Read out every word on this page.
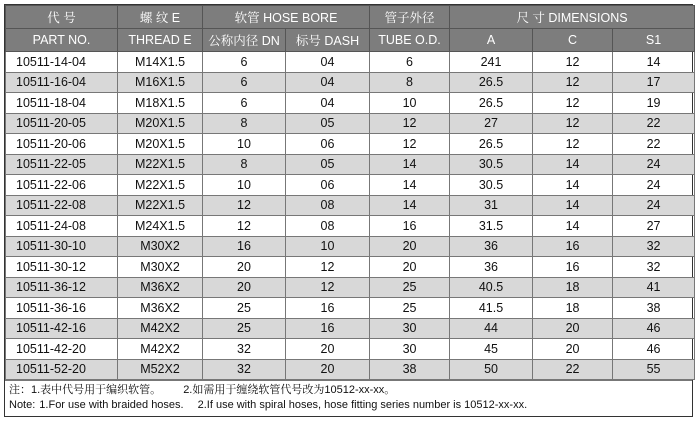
代 号	螺 纹 E	软管 HOSE BORE		管子外径	尺 寸 DIMENSIONS		
PART NO.	THREAD E	公称内径 DN	标号 DASH	TUBE O.D.	A	C	S1
10511-14-04	M14X1.5	6	04	6	241	12	14
10511-16-04	M16X1.5	6	04	8	26.5	12	17
10511-18-04	M18X1.5	6	04	10	26.5	12	19
10511-20-05	M20X1.5	8	05	12	27	12	22
10511-20-06	M20X1.5	10	06	12	26.5	12	22
10511-22-05	M22X1.5	8	05	14	30.5	14	24
10511-22-06	M22X1.5	10	06	14	30.5	14	24
10511-22-08	M22X1.5	12	08	14	31	14	24
10511-24-08	M24X1.5	12	08	16	31.5	14	27
10511-30-10	M30X2	16	10	20	36	16	32
10511-30-12	M30X2	20	12	20	36	16	32
10511-36-12	M36X2	20	12	25	40.5	18	41
10511-36-16	M36X2	25	16	25	41.5	18	38
10511-42-16	M42X2	25	16	30	44	20	46
10511-42-20	M42X2	32	20	30	45	20	46
10511-52-20	M52X2	32	20	38	50	22	55
注： 1.表中代号用于编织软管。 2.如需用于缠绕软管代号改为10512-xx-xx。
Note: 1.For use with braided hoses. 2.If use with spiral hoses, hose fitting series number is 10512-xx-xx.
